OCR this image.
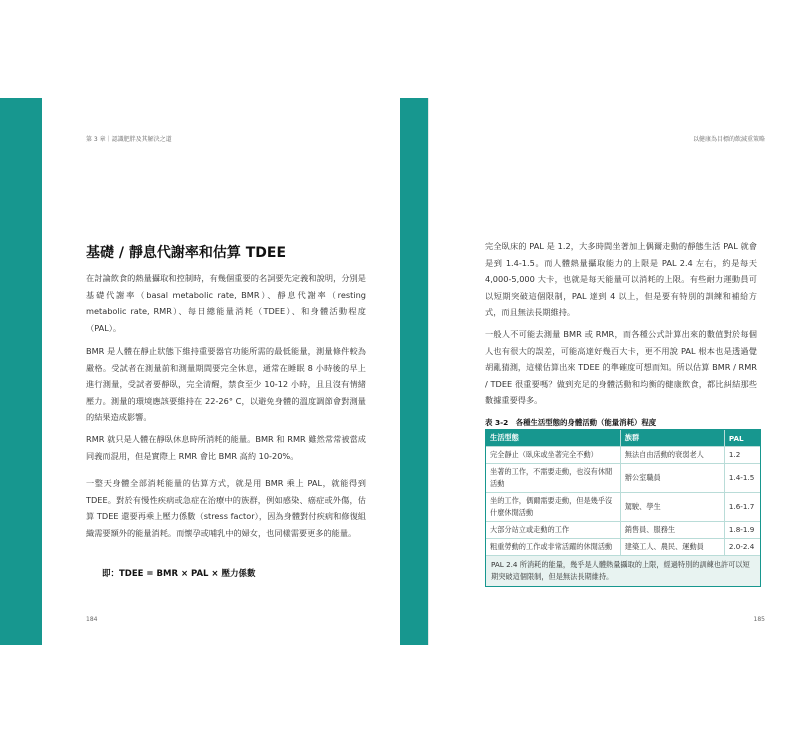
第 3 章｜認識肥胖及其解決之道
基礎 / 靜息代謝率和估算 TDEE

在討論飲食的熱量攝取和控制時，有幾個重要的名詞要先定義和說明，分別是基礎代謝率（basal metabolic rate, BMR）、靜息代謝率（resting metabolic rate, RMR）、每日總能量消耗（TDEE）、和身體活動程度（PAL）。

BMR 是人體在靜止狀態下維持重要器官功能所需的最低能量，測量條件較為嚴格。受試者在測量前和測量期間要完全休息，通常在睡眠 8 小時後的早上進行測量，受試者要靜臥，完全清醒，禁食至少 10-12 小時，且且沒有情緒壓力。測量的環境應該要維持在 22-26° C，以避免身體的溫度調節會對測量的結果造成影響。

RMR 就只是人體在靜臥休息時所消耗的能量。BMR 和 RMR 雖然常常被當成同義而混用，但是實際上 RMR 會比 BMR 高約 10-20%。

一整天身體全部消耗能量的估算方式，就是用 BMR 乘上 PAL，就能得到 TDEE。對於有慢性疾病或急症在治療中的族群，例如感染、癌症或外傷，估算 TDEE 還要再乘上壓力係數（stress factor），因為身體對付疾病和修復組織需要額外的能量消耗。而懷孕或哺乳中的婦女，也同樣需要更多的能量。

即：TDEE = BMR × PAL × 壓力係數

184
以健康為目標的飲減重策略

完全臥床的 PAL 是 1.2，大多時間坐著加上偶爾走動的靜態生活 PAL 就會是到 1.4-1.5。而人體熱量攝取能力的上限是 PAL 2.4 左右，約是每天 4,000-5,000 大卡，也就是每天能量可以消耗的上限。有些耐力運動員可以短期突破這個限制，PAL 達到 4 以上，但是要有特別的訓練和補給方式，而且無法長期維持。

一般人不可能去測量 BMR 或 RMR，而各種公式計算出來的數值對於每個人也有很大的誤差，可能高達好幾百大卡，更不用說 PAL 根本也是透過覺胡亂猜測，這樣估算出來 TDEE 的準確度可想而知。所以估算 BMR / RMR / TDEE 很重要嗎？做到充足的身體活動和均衡的健康飲食，都比糾結那些數據重要得多。

表 3-2　各種生活型態的身體活動（能量消耗）程度
生活型態	族群	PAL
完全靜止（臥床或坐著完全不動）	無法自由活動的衰弱老人	1.2
坐著的工作，不需要走動，也沒有休閒活動	辦公室職員	1.4-1.5
坐的工作，偶爾需要走動，但是幾乎沒什麼休閒活動	駕駛、學生	1.6-1.7
大部分站立或走動的工作	銷售員、服務生	1.8-1.9
粗重勞動的工作或非常活躍的休閒活動	建築工人、農民、運動員	2.0-2.4
PAL 2.4 所消耗的能量，幾乎是人體熱量攝取的上限，經過特別的訓練也許可以短期突破這個限制，但是無法長期維持。
185
